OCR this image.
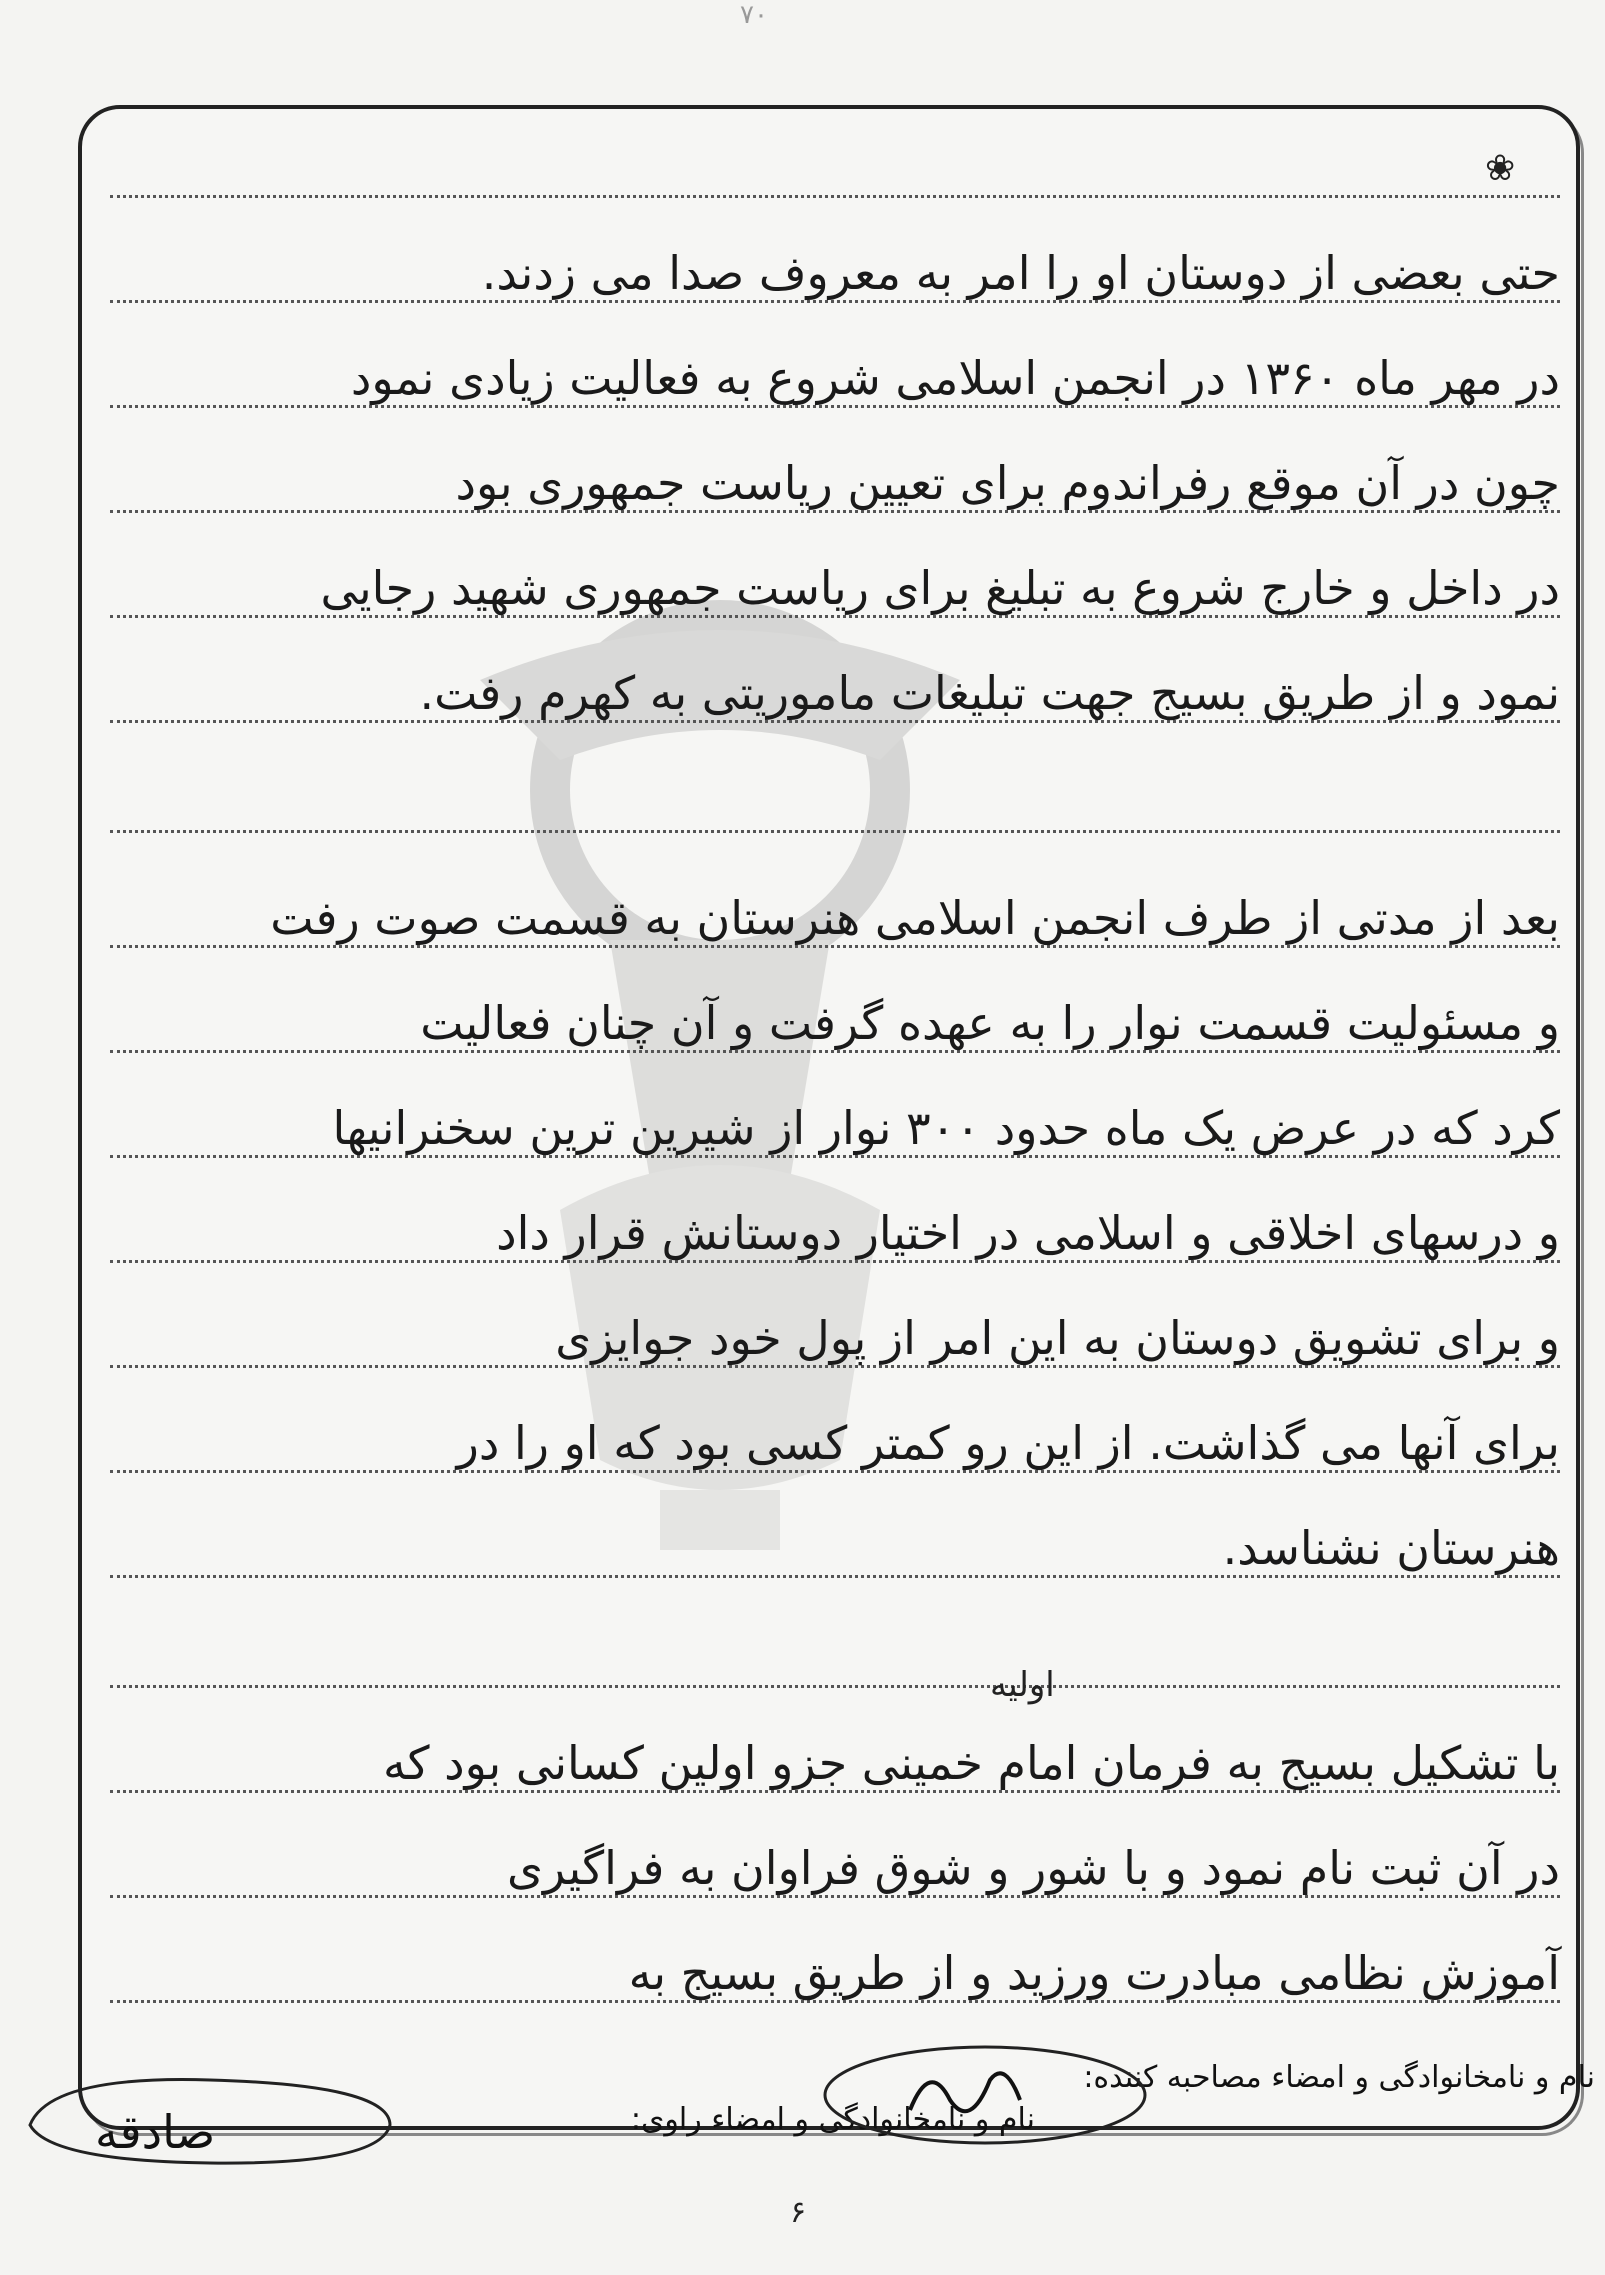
۷۰
❀
حتی بعضی از دوستان او را امر به معروف صدا می زدند.
در مهر ماه ۱۳۶۰ در انجمن اسلامی شروع به فعالیت زیادی نمود
چون در آن موقع رفراندوم برای تعیین ریاست جمهوری بود
در داخل و خارج شروع به تبلیغ برای ریاست جمهوری شهید رجایی
نمود و از طریق بسیج جهت تبلیغات ماموریتی به کهرم رفت.
بعد از مدتی از طرف انجمن اسلامی هنرستان به قسمت صوت رفت
و مسئولیت قسمت نوار را به عهده گرفت و آن چنان فعالیت
کرد که در عرض یک ماه حدود ۳۰۰ نوار از شیرین ترین سخنرانیها
و درسهای اخلاقی و اسلامی در اختیار دوستانش قرار داد
و برای تشویق دوستان به این امر از پول خود جوایزی
برای آنها می گذاشت. از این رو کمتر کسی بود که او را در
هنرستان نشناسد.
اولیه
با تشکیل بسیج به فرمان امام خمینی جزو اولین کسانی بود که
در آن ثبت نام نمود و با شور و شوق فراوان به فراگیری
آموزش نظامی مبادرت ورزید و از طریق بسیج به
نام و نامخانوادگی و امضاء مصاحبه کننده:
نام و نامخانوادگی و امضاء راوی:
صادقه
۶
